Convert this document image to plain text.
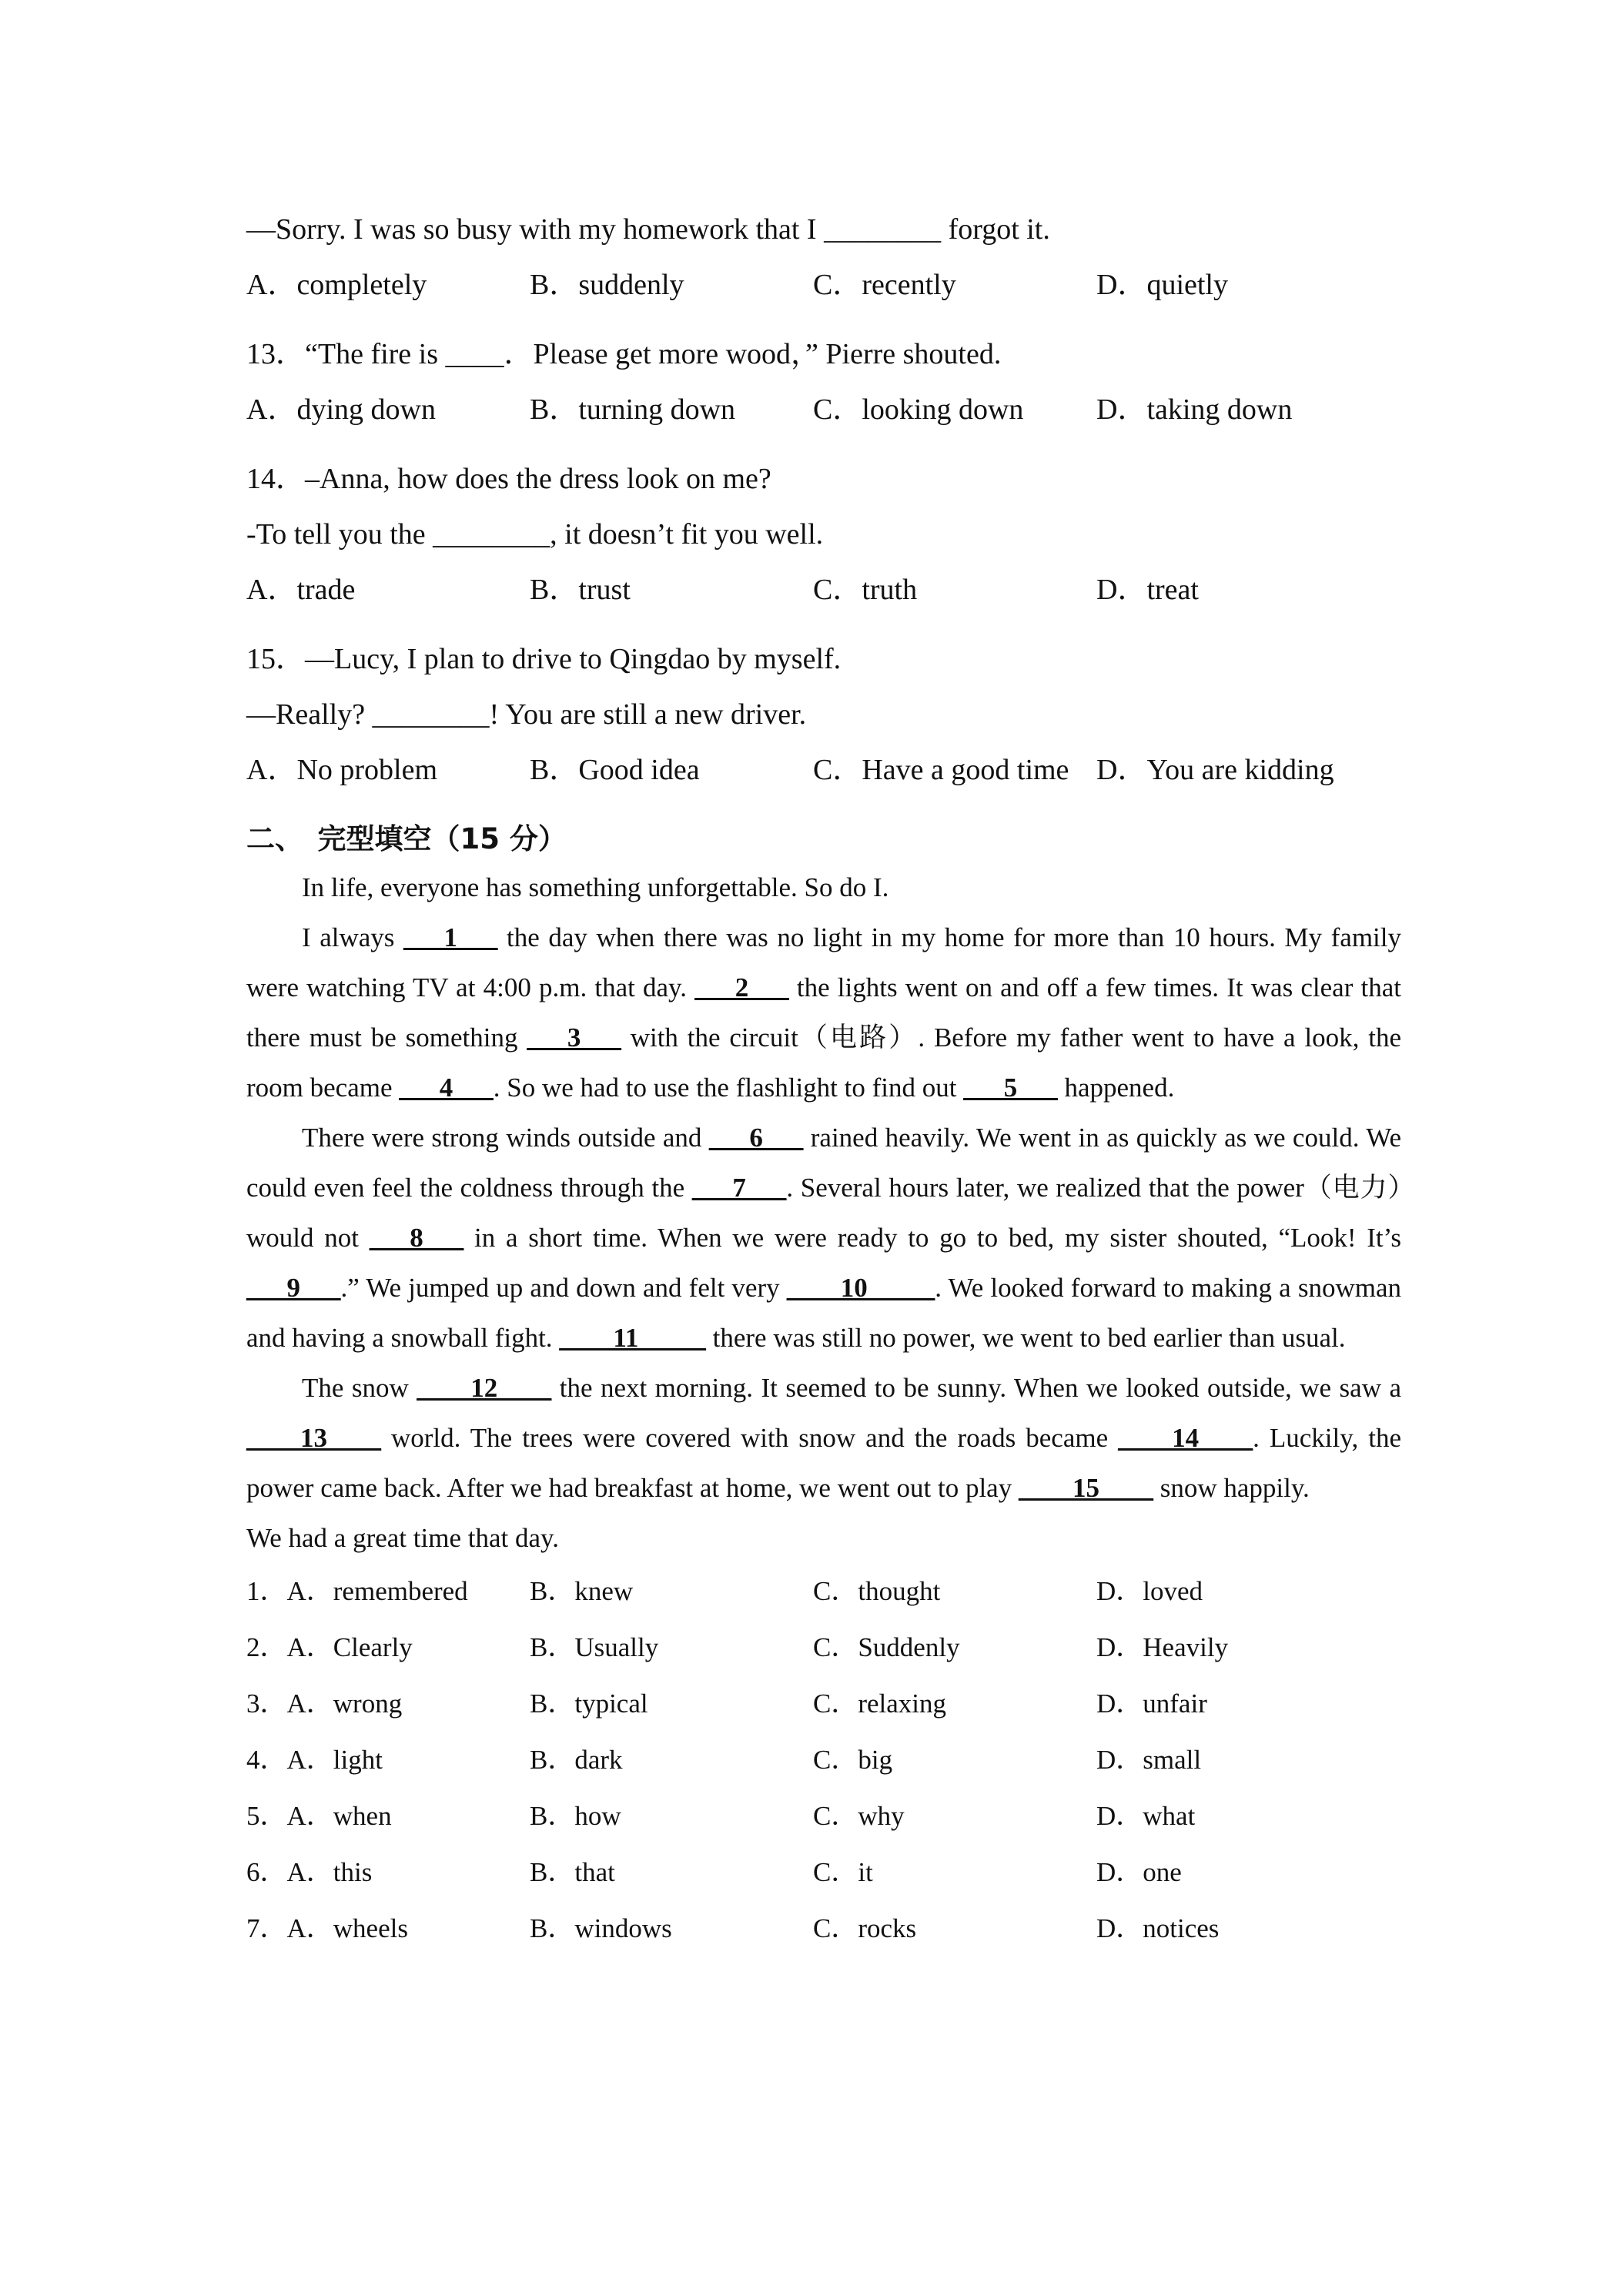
—Sorry. I was so busy with my homework that I ________ forgot it.
A．completely	B．suddenly	C．recently	D．quietly
13．“The fire is ____．Please get more wood，” Pierre shouted.
A．dying down	B．turning down	C．looking down	D．taking down
14．–Anna, how does the dress look on me?
-To tell you the ________, it doesn’t fit you well.
A．trade	B．trust	C．truth	D．treat
15．—Lucy, I plan to drive to Qingdao by myself.
—Really? ________! You are still a new driver.
A．No problem	B．Good idea	C．Have a good time D．You are kidding
二、　完型填空（15 分）
In life, everyone has something unforgettable. So do I.
I always ___1___ the day when there was no light in my home for more than 10 hours. My family were watching TV at 4:00 p.m. that day. ___2___ the lights went on and off a few times. It was clear that there must be something ___3___ with the circuit（电路）. Before my father went to have a look, the room became ___4___. So we had to use the flashlight to find out ___5___ happened.
There were strong winds outside and ___6___ rained heavily. We went in as quickly as we could. We could even feel the coldness through the ___7___. Several hours later, we realized that the power（电力）would not ___8___ in a short time. When we were ready to go to bed, my sister shouted, “Look! It’s ___9___.” We jumped up and down and felt very ____10_____. We looked forward to making a snowman and having a snowball fight. ____11_____ there was still no power, we went to bed earlier than usual.
The snow ____12____ the next morning. It seemed to be sunny. When we looked outside, we saw a ____13____ world. The trees were covered with snow and the roads became ____14____. Luckily, the power came back. After we had breakfast at home, we went out to play ____15____ snow happily.
We had a great time that day.
1．A．remembered	B．knew	C．thought	D．loved
2．A．Clearly	B．Usually	C．Suddenly	D．Heavily
3．A．wrong	B．typical	C．relaxing	D．unfair
4．A．light	B．dark	C．big	D．small
5．A．when	B．how	C．why	D．what
6．A．this	B．that	C．it	D．one
7．A．wheels	B．windows	C．rocks	D．notices
